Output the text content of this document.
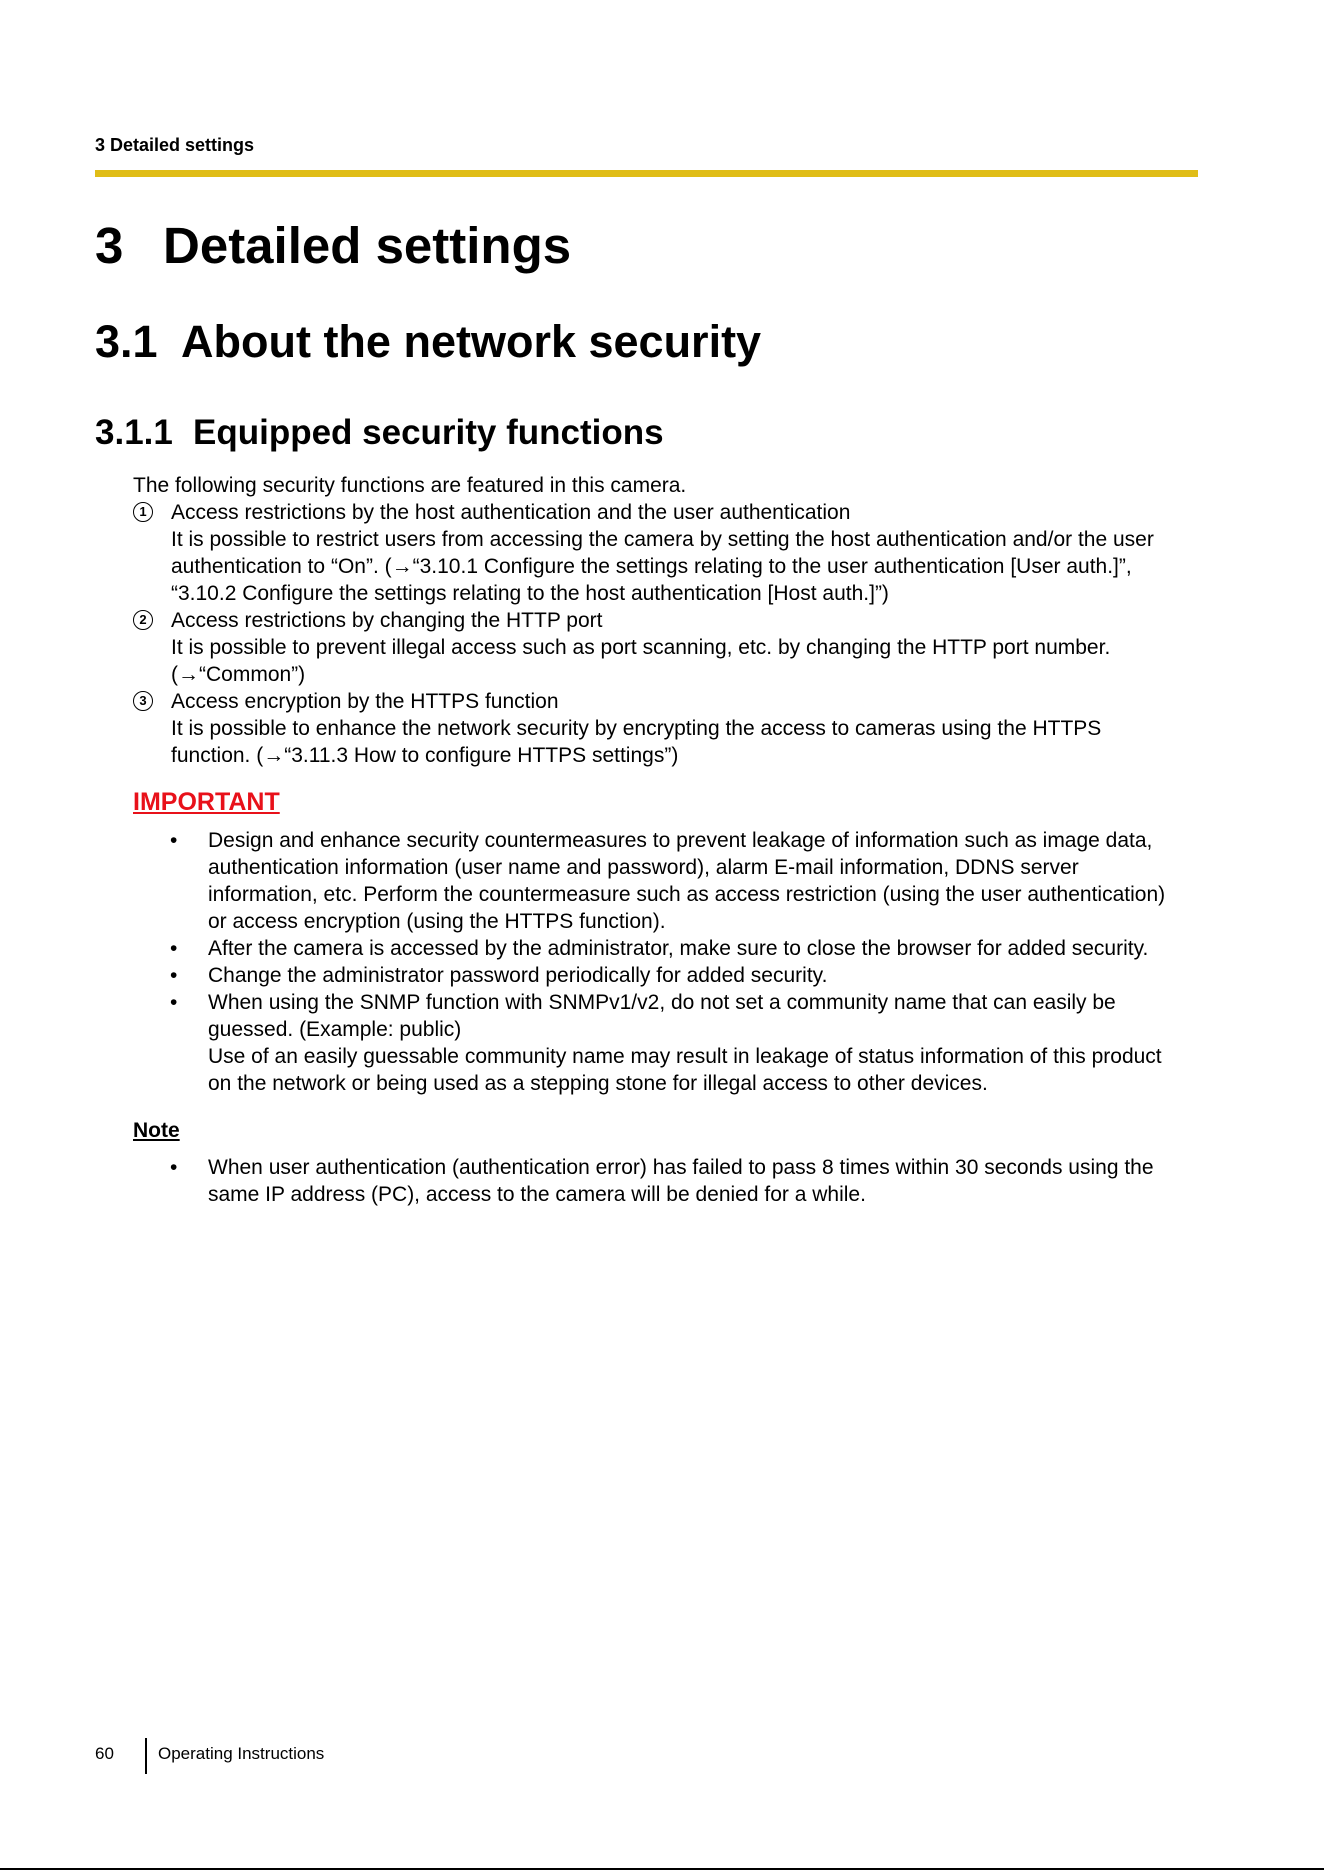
3 Detailed settings
3 Detailed settings
3.1 About the network security
3.1.1 Equipped security functions
The following security functions are featured in this camera.
1	Access restrictions by the host authentication and the user authentication
It is possible to restrict users from accessing the camera by setting the host authentication and/or the user
authentication to “On”. (→“3.10.1 Configure the settings relating to the user authentication [User auth.]”,
“3.10.2 Configure the settings relating to the host authentication [Host auth.]”)
2	Access restrictions by changing the HTTP port
It is possible to prevent illegal access such as port scanning, etc. by changing the HTTP port number.
(→“Common”)
3	Access encryption by the HTTPS function
It is possible to enhance the network security by encrypting the access to cameras using the HTTPS
function. (→“3.11.3 How to configure HTTPS settings”)
IMPORTANT
• Design and enhance security countermeasures to prevent leakage of information such as image data,
authentication information (user name and password), alarm E-mail information, DDNS server
information, etc. Perform the countermeasure such as access restriction (using the user authentication)
or access encryption (using the HTTPS function).
• After the camera is accessed by the administrator, make sure to close the browser for added security.
• Change the administrator password periodically for added security.
• When using the SNMP function with SNMPv1/v2, do not set a community name that can easily be
guessed. (Example: public)
Use of an easily guessable community name may result in leakage of status information of this product
on the network or being used as a stepping stone for illegal access to other devices.
Note
• When user authentication (authentication error) has failed to pass 8 times within 30 seconds using the
same IP address (PC), access to the camera will be denied for a while.
60	Operating Instructions
